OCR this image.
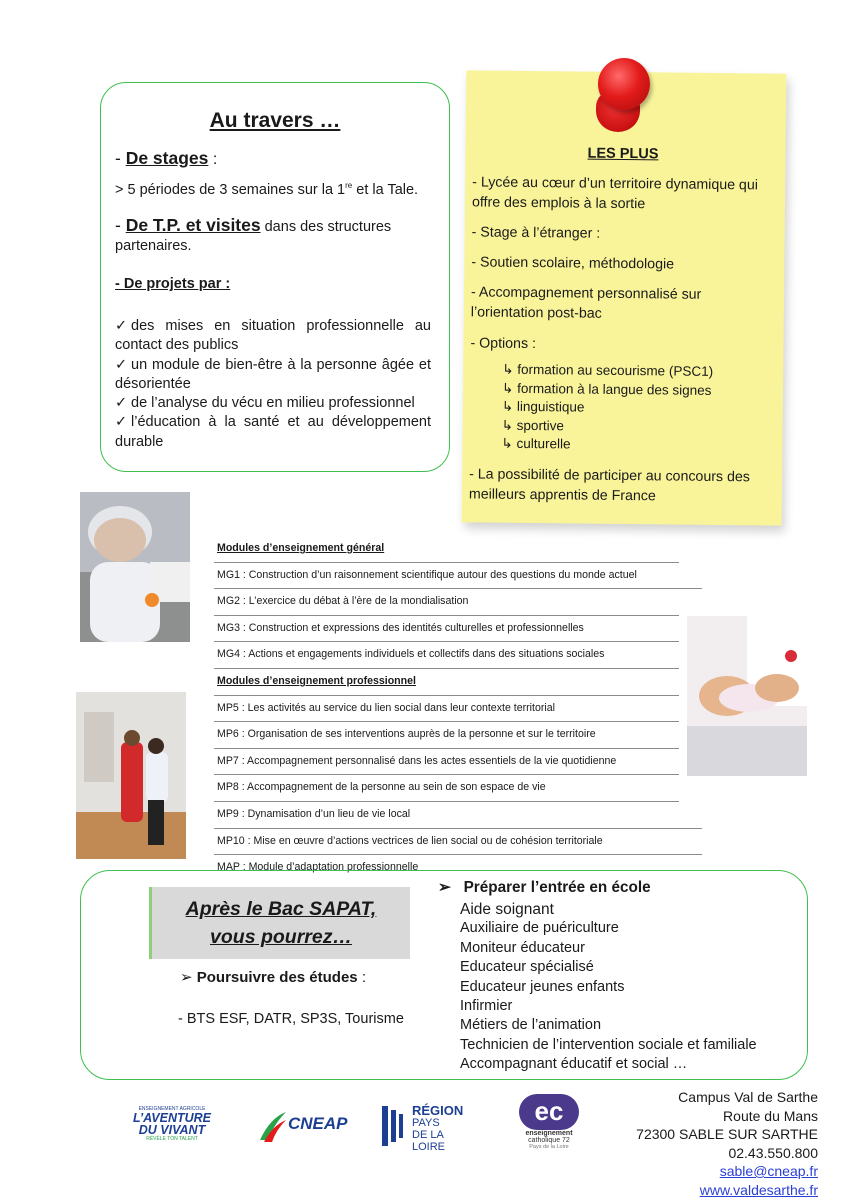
Au travers …
- De stages :
> 5 périodes de 3 semaines sur la 1re et la Tale.
- De T.P. et visites dans des structures partenaires.
- De projets par :
✓ des mises en situation professionnelle au contact des publics
✓ un module de bien-être à la personne âgée et désorientée
✓ de l’analyse du vécu en milieu professionnel
✓ l’éducation à la santé et au développement durable
LES PLUS

- Lycée au cœur d’un territoire dynamique qui offre des emplois à la sortie

- Stage à l’étranger :

- Soutien scolaire, méthodologie

- Accompagnement personnalisé sur l’orientation post-bac

- Options :

↳ formation au secourisme (PSC1)
↳ formation à la langue des signes
↳ linguistique
↳ sportive
↳ culturelle

- La possibilité de participer au concours des meilleurs apprentis de France

Modules d’enseignement général
MG1 : Construction d’un raisonnement scientifique autour des questions du monde actuel
MG2 : L’exercice du débat à l’ère de la mondialisation
MG3 : Construction et expressions des identités culturelles et professionnelles
MG4 : Actions et engagements individuels et collectifs dans des situations sociales
Modules d’enseignement professionnel
MP5 : Les activités au service du lien social dans leur contexte territorial
MP6 : Organisation de ses interventions auprès de la personne et sur le territoire
MP7 : Accompagnement personnalisé dans les actes essentiels de la vie quotidienne
MP8 : Accompagnement de la personne au sein de son espace de vie
MP9 : Dynamisation d’un lieu de vie local
MP10 : Mise en œuvre d’actions vectrices de lien social ou de cohésion territoriale
MAP : Module d’adaptation professionnelle
Après le Bac SAPAT,
vous pourrez…
➢ Poursuivre des études :
- BTS ESF, DATR, SP3S, Tourisme
➢   Préparer l’entrée en école
Aide soignant
Auxiliaire de puériculture
Moniteur éducateur
Educateur spécialisé
Educateur jeunes enfants
Infirmier
Métiers de l’animation
Technicien de l’intervention sociale et familiale
Accompagnant éducatif et social …
ENSEIGNEMENT AGRICOLE
L’AVENTURE
DU VIVANT
RÉVÈLE TON TALENT
CNEAP
RÉGION
PAYS
DE LA LOIRE
ec
enseignement
catholique 72
Pays de la Loire
Campus Val de Sarthe
Route du Mans
72300 SABLE SUR SARTHE
02.43.550.800
sable@cneap.fr
www.valdesarthe.fr
